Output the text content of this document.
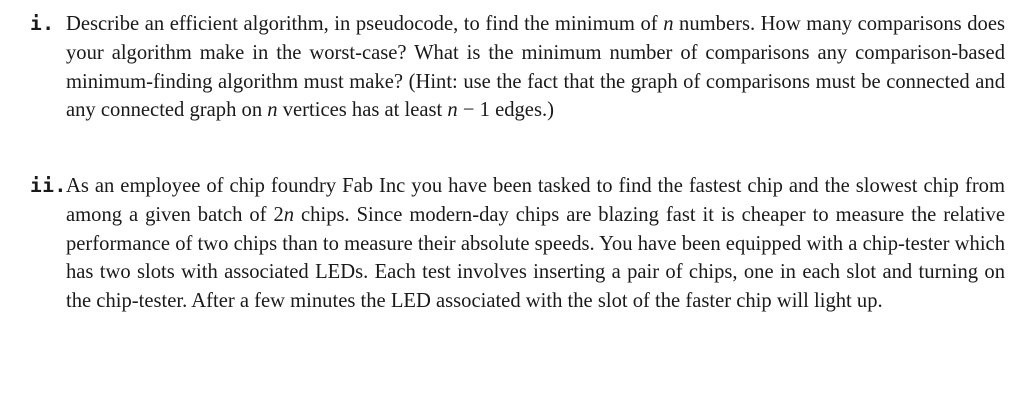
i. Describe an efficient algorithm, in pseudocode, to find the minimum of n numbers. How many comparisons does your algorithm make in the worst-case? What is the minimum number of comparisons any comparison-based minimum-finding algorithm must make? (Hint: use the fact that the graph of comparisons must be connected and any connected graph on n vertices has at least n − 1 edges.)
ii. As an employee of chip foundry Fab Inc you have been tasked to find the fastest chip and the slowest chip from among a given batch of 2n chips. Since modern-day chips are blazing fast it is cheaper to measure the relative performance of two chips than to measure their absolute speeds. You have been equipped with a chip-tester which has two slots with associated LEDs. Each test involves inserting a pair of chips, one in each slot and turning on the chip-tester. After a few minutes the LED associated with the slot of the faster chip will light up.
